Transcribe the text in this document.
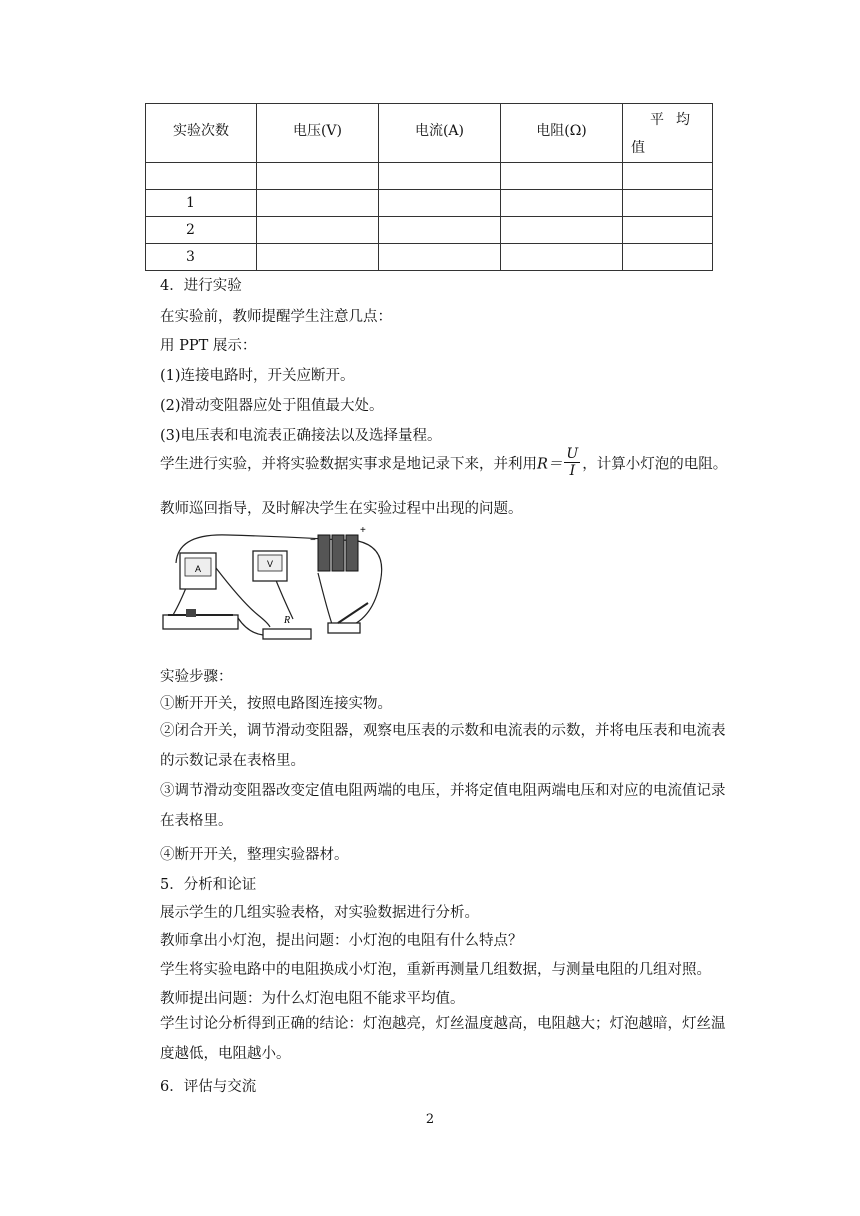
实验次数	电压(V)	电流(A)	电阻(Ω)	平均
值

1				
2				
3				
4．进行实验
在实验前，教师提醒学生注意几点：
用 PPT 展示：
(1)连接电路时，开关应断开。
(2)滑动变阻器应处于阻值最大处。
(3)电压表和电流表正确接法以及选择量程。
学生进行实验，并将实验数据实事求是地记录下来，并利用$R= \frac{U}{I}$ ，计算小灯泡的电阻。
教师巡回指导，及时解决学生在实验过程中出现的问题。
A	V
−
+
R
实验步骤：
①断开开关，按照电路图连接实物。
②闭合开关，调节滑动变阻器，观察电压表的示数和电流表的示数，并将电压表和电流表的示数记录在表格里。
③调节滑动变阻器改变定值电阻两端的电压，并将定值电阻两端电压和对应的电流值记录在表格里。
④断开开关，整理实验器材。
5．分析和论证
展示学生的几组实验表格，对实验数据进行分析。
教师拿出小灯泡，提出问题：小灯泡的电阻有什么特点？
学生将实验电路中的电阻换成小灯泡，重新再测量几组数据，与测量电阻的几组对照。
教师提出问题：为什么灯泡电阻不能求平均值。
学生讨论分析得到正确的结论：灯泡越亮，灯丝温度越高，电阻越大；灯泡越暗，灯丝温度越低，电阻越小。
6．评估与交流
2
